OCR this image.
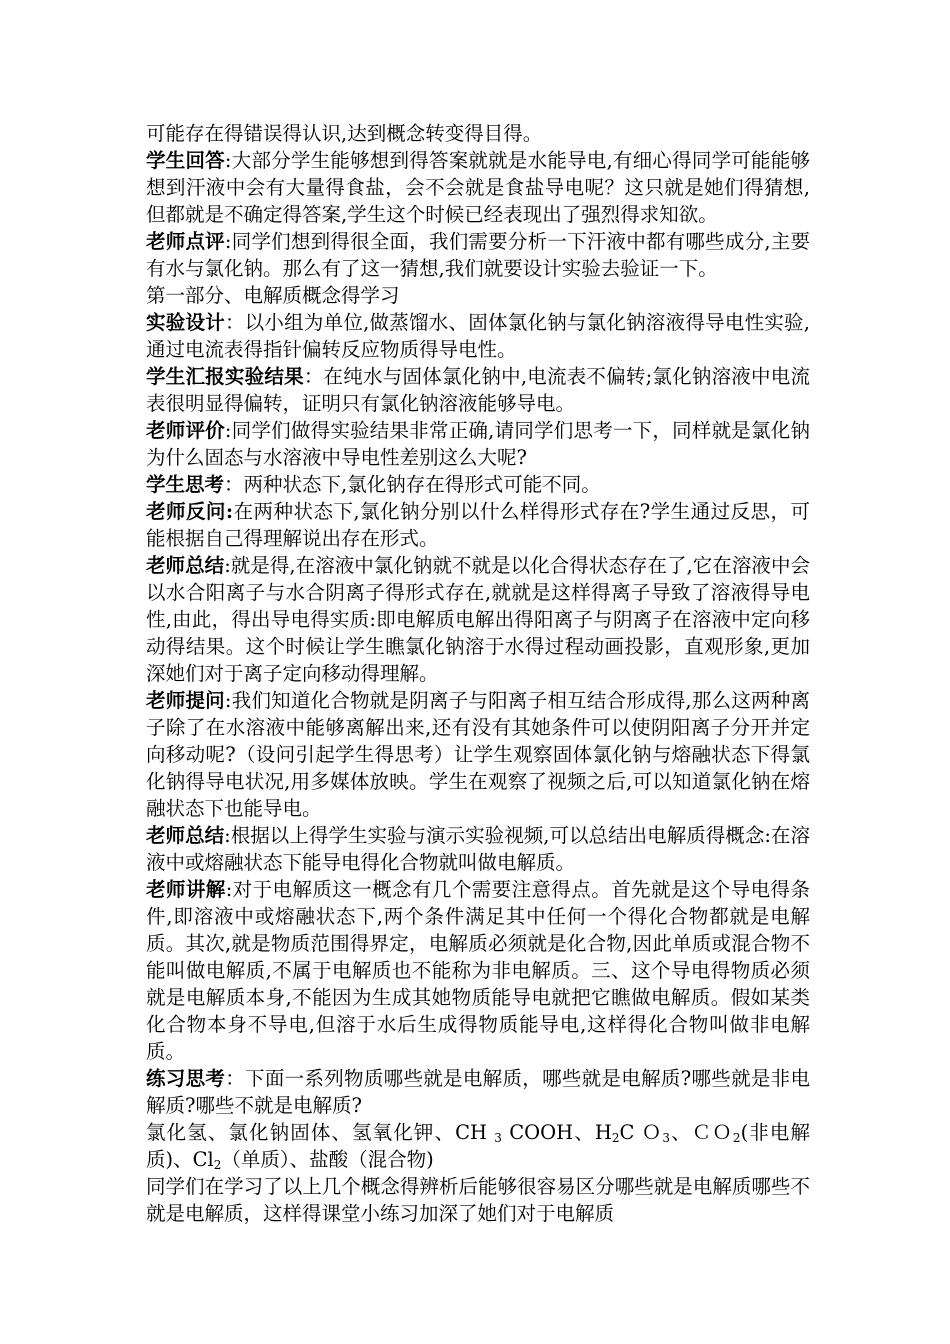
可能存在得错误得认识,达到概念转变得目得。

学生回答:大部分学生能够想到得答案就就是水能导电,有细心得同学可能能够想到汗液中会有大量得食盐，会不会就是食盐导电呢？这只就是她们得猜想,但都就是不确定得答案,学生这个时候已经表现出了强烈得求知欲。

老师点评:同学们想到得很全面，我们需要分析一下汗液中都有哪些成分,主要有水与氯化钠。那么有了这一猜想,我们就要设计实验去验证一下。

第一部分、电解质概念得学习

实验设计：以小组为单位,做蒸馏水、固体氯化钠与氯化钠溶液得导电性实验,通过电流表得指针偏转反应物质得导电性。

学生汇报实验结果：在纯水与固体氯化钠中,电流表不偏转;氯化钠溶液中电流表很明显得偏转，证明只有氯化钠溶液能够导电。

老师评价:同学们做得实验结果非常正确,请同学们思考一下，同样就是氯化钠为什么固态与水溶液中导电性差别这么大呢?

学生思考：两种状态下,氯化钠存在得形式可能不同。

老师反问:在两种状态下,氯化钠分别以什么样得形式存在?学生通过反思，可能根据自己得理解说出存在形式。

老师总结:就是得,在溶液中氯化钠就不就是以化合得状态存在了,它在溶液中会以水合阳离子与水合阴离子得形式存在,就就是这样得离子导致了溶液得导电性,由此，得出导电得实质:即电解质电解出得阳离子与阴离子在溶液中定向移动得结果。这个时候让学生瞧氯化钠溶于水得过程动画投影，直观形象,更加深她们对于离子定向移动得理解。

老师提问:我们知道化合物就是阴离子与阳离子相互结合形成得,那么这两种离子除了在水溶液中能够离解出来,还有没有其她条件可以使阴阳离子分开并定向移动呢?（设问引起学生得思考）让学生观察固体氯化钠与熔融状态下得氯化钠得导电状况,用多媒体放映。学生在观察了视频之后,可以知道氯化钠在熔融状态下也能导电。

老师总结:根据以上得学生实验与演示实验视频,可以总结出电解质得概念:在溶液中或熔融状态下能导电得化合物就叫做电解质。

老师讲解:对于电解质这一概念有几个需要注意得点。首先就是这个导电得条件,即溶液中或熔融状态下,两个条件满足其中任何一个得化合物都就是电解质。其次,就是物质范围得界定，电解质必须就是化合物,因此单质或混合物不能叫做电解质,不属于电解质也不能称为非电解质。三、这个导电得物质必须就是电解质本身,不能因为生成其她物质能导电就把它瞧做电解质。假如某类化合物本身不导电,但溶于水后生成得物质能导电,这样得化合物叫做非电解质。

练习思考：下面一系列物质哪些就是电解质，哪些就是电解质?哪些就是非电解质?哪些不就是电解质?

氯化氢、氯化钠固体、氢氧化钾、CH $_3$ COOH、$H_2C$ Ｏ$_3$、ＣＯ$_2$(非电解质)、$Cl_2$（单质）、盐酸（混合物)

同学们在学习了以上几个概念得辨析后能够很容易区分哪些就是电解质哪些不就是电解质，这样得课堂小练习加深了她们对于电解质
